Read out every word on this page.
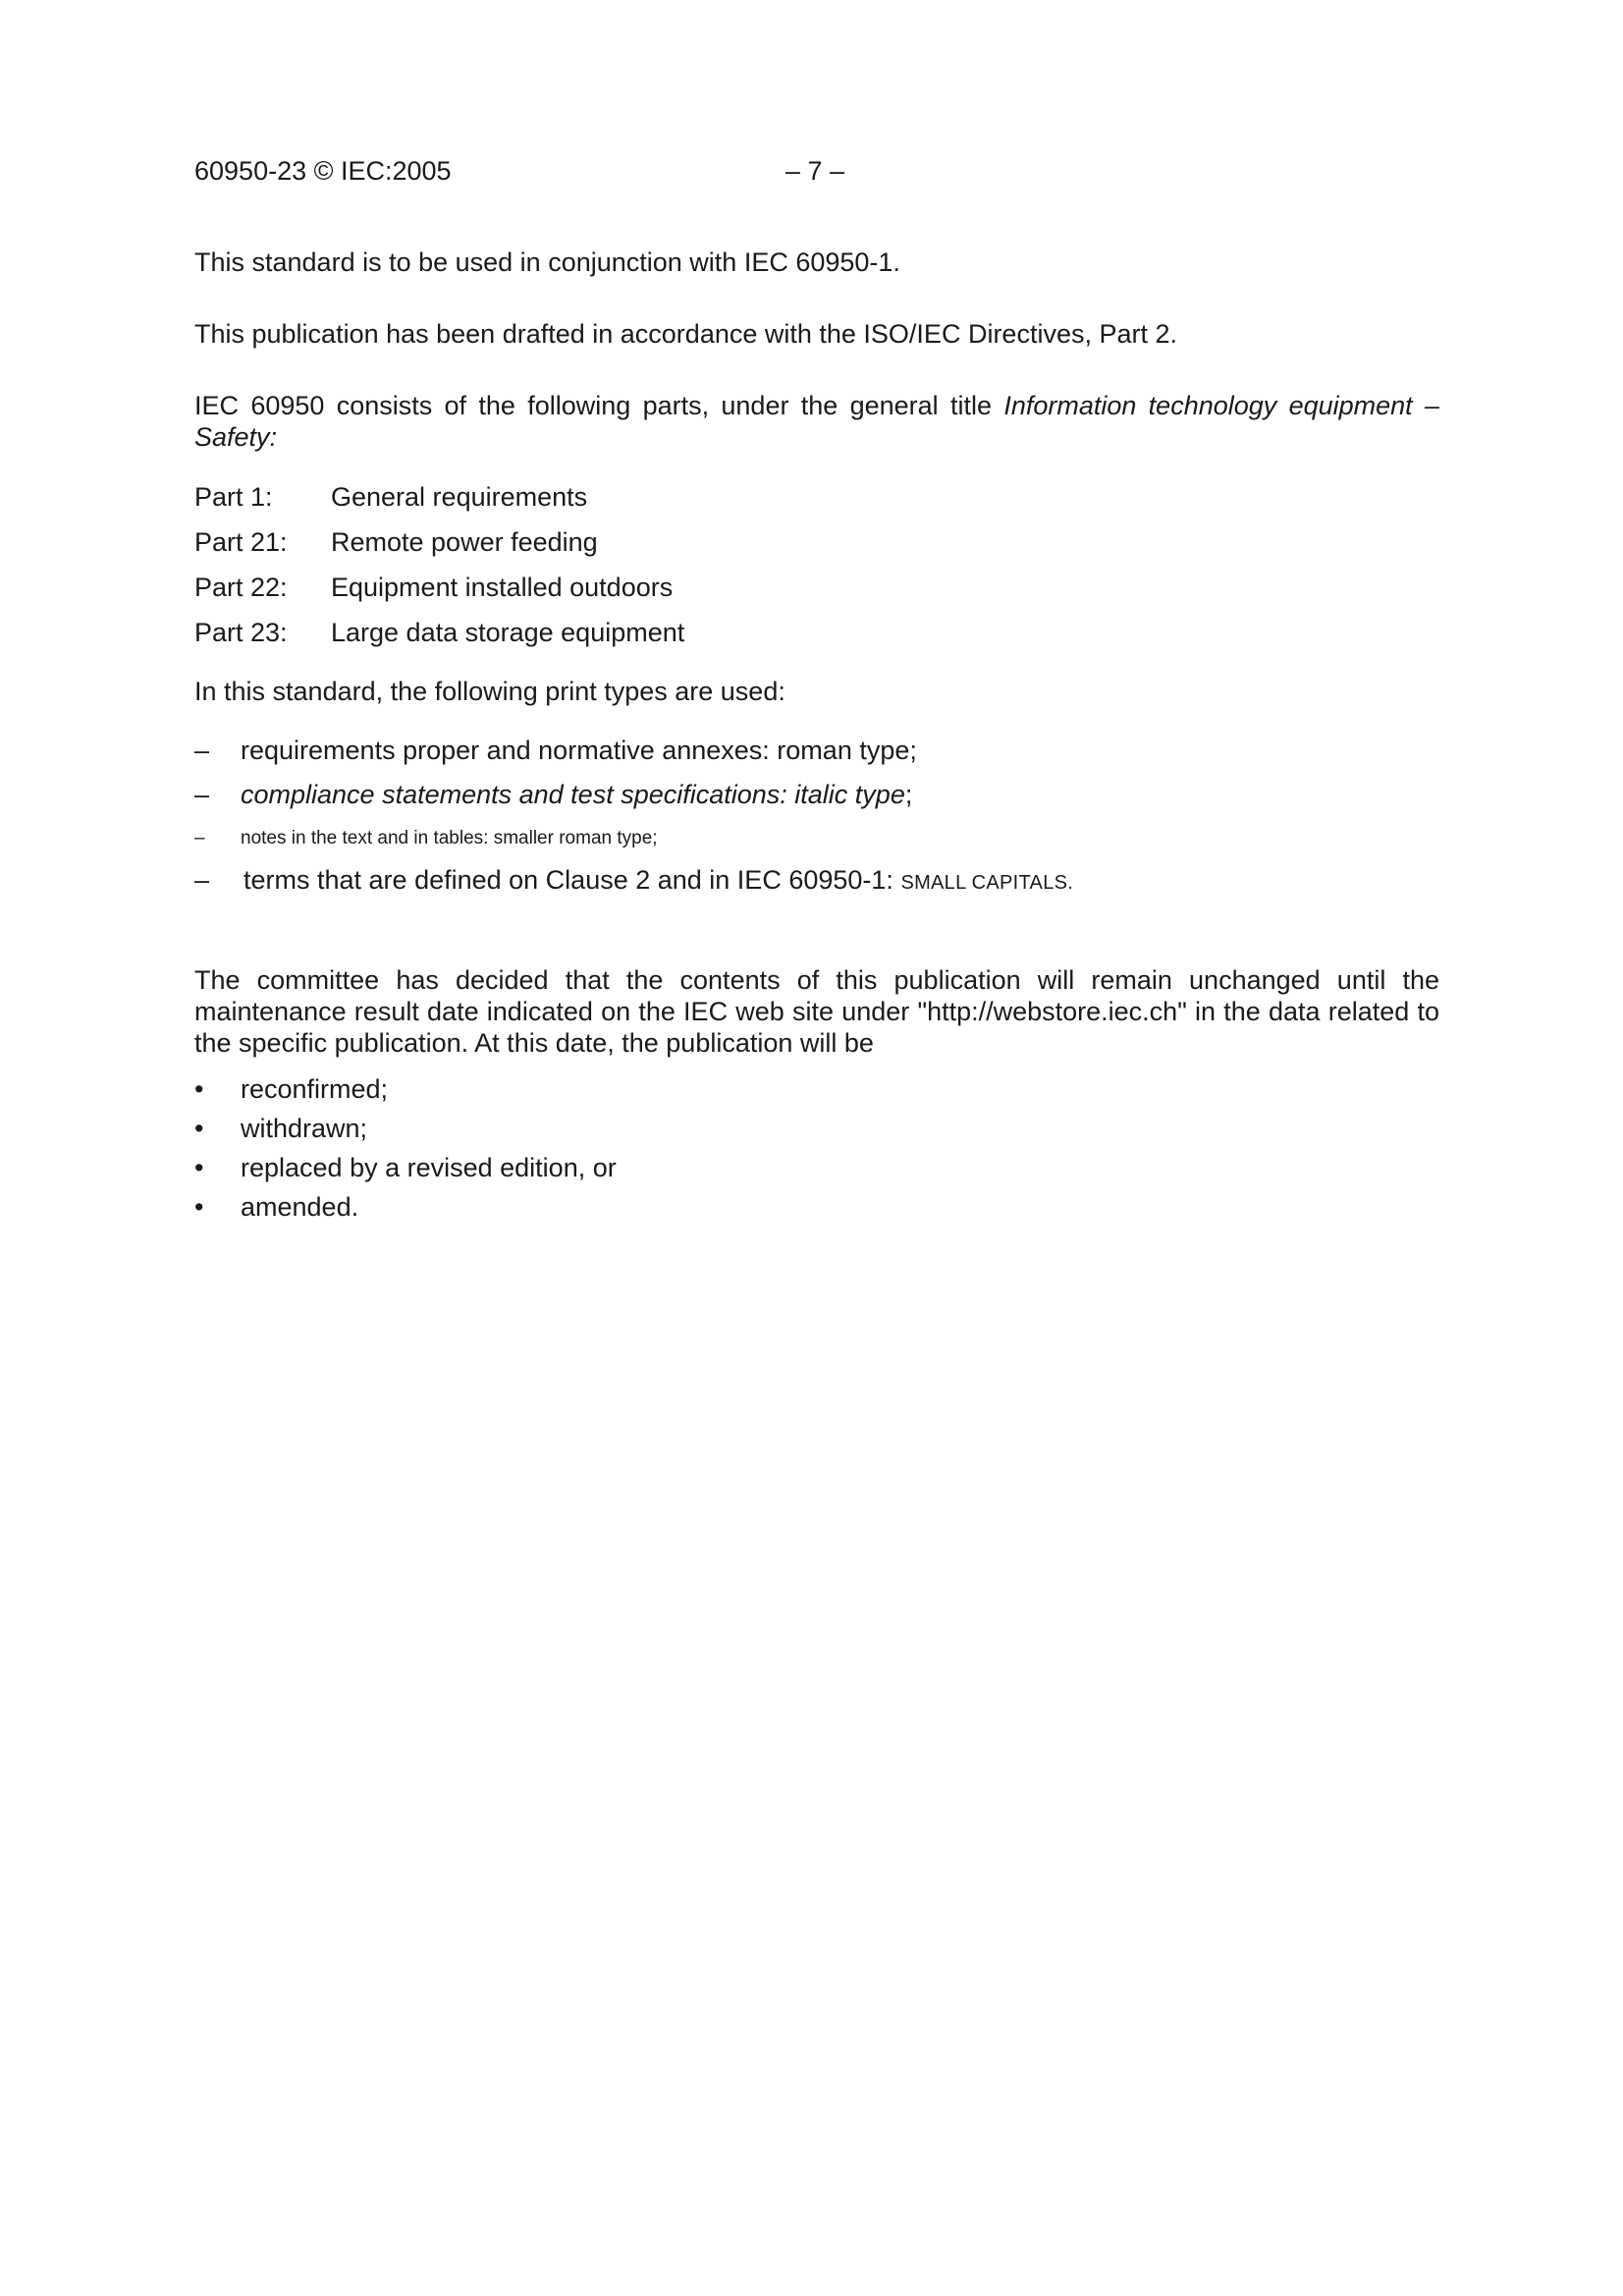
60950-23 © IEC:2005	– 7 –
This standard is to be used in conjunction with IEC 60950-1.
This publication has been drafted in accordance with the ISO/IEC Directives, Part 2.
IEC 60950 consists of the following parts, under the general title Information technology equipment – Safety:
Part 1: General requirements
Part 21: Remote power feeding
Part 22: Equipment installed outdoors
Part 23: Large data storage equipment
In this standard, the following print types are used:
– requirements proper and normative annexes: roman type;
– compliance statements and test specifications: italic type;
– notes in the text and in tables: smaller roman type;
– terms that are defined on Clause 2 and in IEC 60950-1: SMALL CAPITALS.
The committee has decided that the contents of this publication will remain unchanged until the maintenance result date indicated on the IEC web site under "http://webstore.iec.ch" in the data related to the specific publication. At this date, the publication will be
• reconfirmed;
• withdrawn;
• replaced by a revised edition, or
• amended.
